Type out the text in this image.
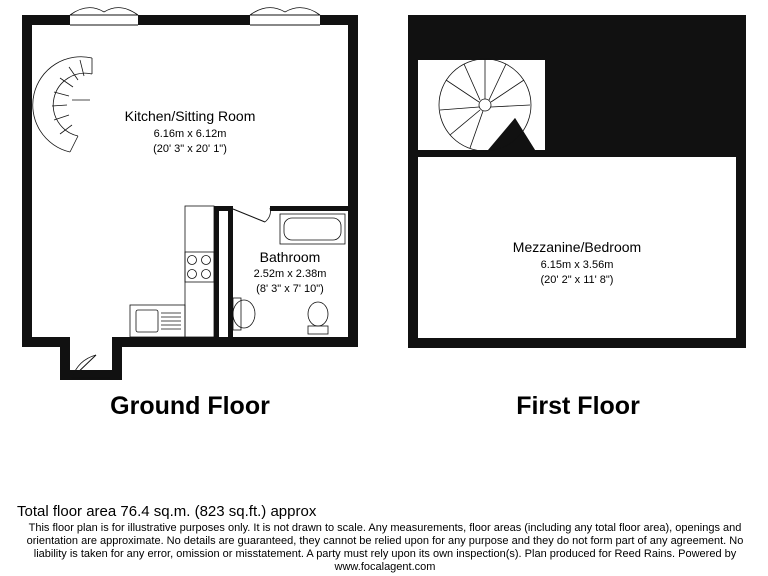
Kitchen/Sitting Room
6.16m x 6.12m
(20' 3" x 20' 1")
Bathroom
2.52m x 2.38m
(8' 3" x 7' 10")
Mezzanine/Bedroom
6.15m x 3.56m
(20' 2" x 11' 8")
Ground Floor	First Floor
Total floor area 76.4 sq.m. (823 sq.ft.) approx
This floor plan is for illustrative purposes only. It is not drawn to scale. Any measurements, floor areas (including any total floor area), openings and orientation are approximate. No details are guaranteed, they cannot be relied upon for any purpose and they do not form part of any agreement. No liability is taken for any error, omission or misstatement. A party must rely upon its own inspection(s). Plan produced for Reed Rains. Powered by www.focalagent.com
